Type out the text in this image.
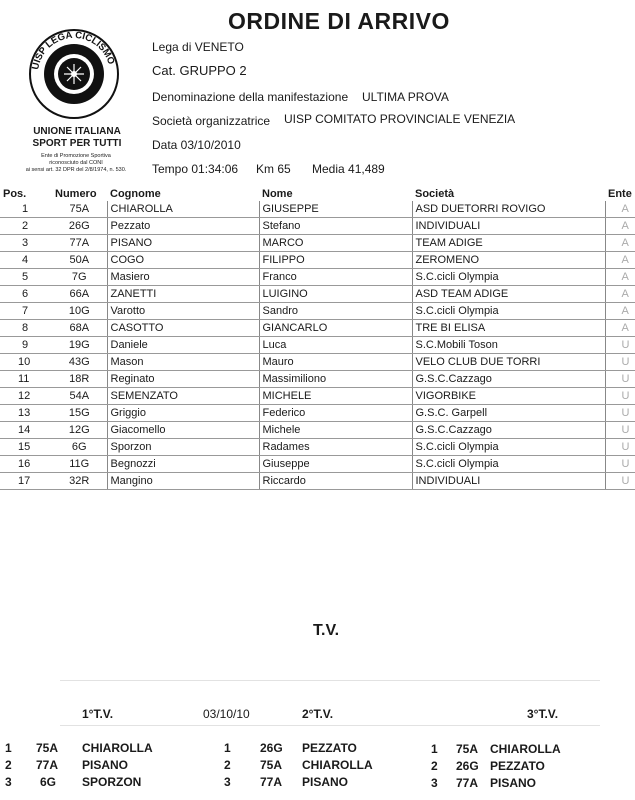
ORDINE DI ARRIVO
UISP LEGA CICLISMO
UNIONE ITALIANA
SPORT PER TUTTI
Ente di Promozione Sportiva
riconosciuto dal CONI
ai sensi art. 32 DPR del 2/8/1974, n. 530.
Lega di VENETO
Cat. GRUPPO 2
Denominazione della manifestazione ULTIMA PROVA
Società organizzatrice UISP COMITATO PROVINCIALE VENEZIA
Data 03/10/2010
Tempo 01:34:06 Km 65 Media 41,489
Pos.	Numero	Cognome	Nome	Società	Ente
1	75A	CHIAROLLA	GIUSEPPE	ASD DUETORRI ROVIGO	A
2	26G	Pezzato	Stefano	INDIVIDUALI	A
3	77A	PISANO	MARCO	TEAM ADIGE	A
4	50A	COGO	FILIPPO	ZEROMENO	A
5	7G	Masiero	Franco	S.C.cicli Olympia	A
6	66A	ZANETTI	LUIGINO	ASD TEAM ADIGE	A
7	10G	Varotto	Sandro	S.C.cicli Olympia	A
8	68A	CASOTTO	GIANCARLO	TRE BI ELISA	A
9	19G	Daniele	Luca	S.C.Mobili Toson	U
10	43G	Mason	Mauro	VELO CLUB DUE TORRI	U
11	18R	Reginato	Massimiliono	G.S.C.Cazzago	U
12	54A	SEMENZATO	MICHELE	VIGORBIKE	U
13	15G	Griggio	Federico	G.S.C. Garpell	U
14	12G	Giacomello	Michele	G.S.C.Cazzago	U
15	6G	Sporzon	Radames	S.C.cicli Olympia	U
16	11G	Begnozzi	Giuseppe	S.C.cicli Olympia	U
17	32R	Mangino	Riccardo	INDIVIDUALI	U
T.V.
1°T.V.	03/10/10	2°T.V.	3°T.V.
1 75A CHIAROLLA
2 77A PISANO
3 6G SPORZON
1 26G PEZZATO
2 75A CHIAROLLA
3 77A PISANO
1 75A CHIAROLLA
2 26G PEZZATO
3 77A PISANO
